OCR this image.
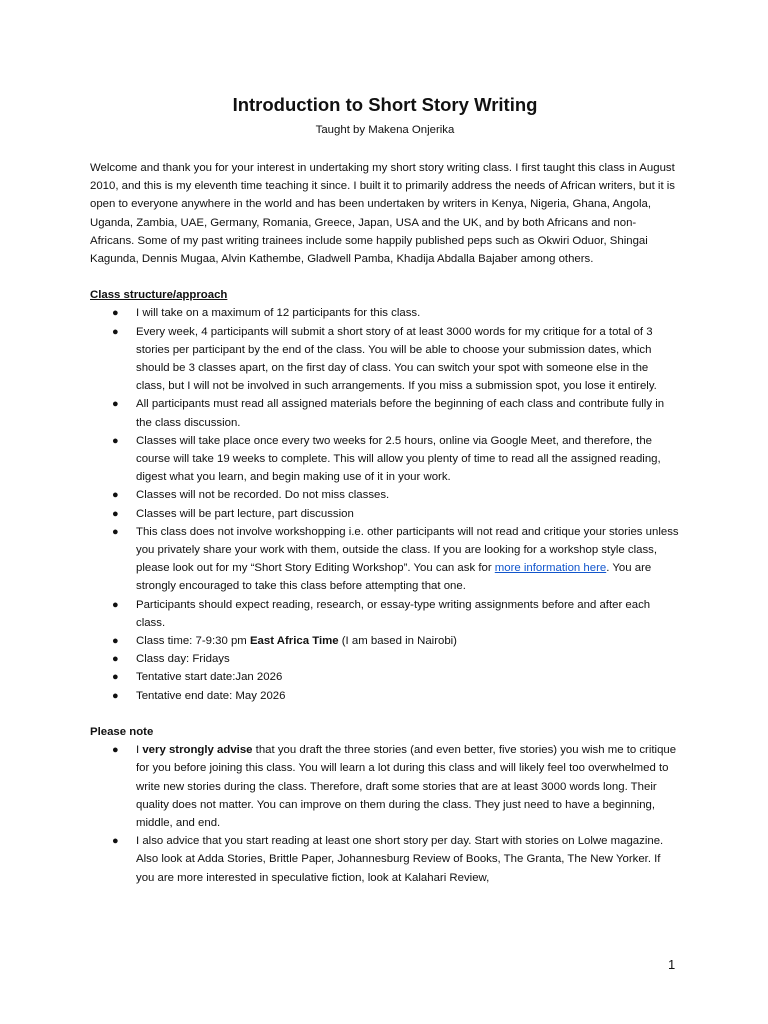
Introduction to Short Story Writing
Taught by Makena Onjerika
Welcome and thank you for your interest in undertaking my short story writing class. I first taught this class in August 2010, and this is my eleventh time teaching it since. I built it to primarily address the needs of African writers, but it is open to everyone anywhere in the world and has been undertaken by writers in Kenya, Nigeria, Ghana, Angola, Uganda, Zambia, UAE, Germany, Romania, Greece, Japan, USA and the UK, and by both Africans and non-Africans. Some of my past writing trainees include some happily published peps such as Okwiri Oduor, Shingai Kagunda, Dennis Mugaa, Alvin Kathembe, Gladwell Pamba, Khadija Abdalla Bajaber among others.
Class structure/approach
● I will take on a maximum of 12 participants for this class.
● Every week, 4 participants will submit a short story of at least 3000 words for my critique for a total of 3 stories per participant by the end of the class. You will be able to choose your submission dates, which should be 3 classes apart, on the first day of class. You can switch your spot with someone else in the class, but I will not be involved in such arrangements. If you miss a submission spot, you lose it entirely.
● All participants must read all assigned materials before the beginning of each class and contribute fully in the class discussion.
● Classes will take place once every two weeks for 2.5 hours, online via Google Meet, and therefore, the course will take 19 weeks to complete. This will allow you plenty of time to read all the assigned reading, digest what you learn, and begin making use of it in your work.
● Classes will not be recorded. Do not miss classes.
● Classes will be part lecture, part discussion
● This class does not involve workshopping i.e. other participants will not read and critique your stories unless you privately share your work with them, outside the class. If you are looking for a workshop style class, please look out for my “Short Story Editing Workshop”. You can ask for more information here. You are strongly encouraged to take this class before attempting that one.
● Participants should expect reading, research, or essay-type writing assignments before and after each class.
● Class time: 7-9:30 pm East Africa Time (I am based in Nairobi)
● Class day: Fridays
● Tentative start date:Jan 2026
● Tentative end date: May 2026
Please note
● I very strongly advise that you draft the three stories (and even better, five stories) you wish me to critique for you before joining this class. You will learn a lot during this class and will likely feel too overwhelmed to write new stories during the class. Therefore, draft some stories that are at least 3000 words long. Their quality does not matter. You can improve on them during the class. They just need to have a beginning, middle, and end.
● I also advice that you start reading at least one short story per day. Start with stories on Lolwe magazine. Also look at Adda Stories, Brittle Paper, Johannesburg Review of Books, The Granta, The New Yorker. If you are more interested in speculative fiction, look at Kalahari Review,
1
